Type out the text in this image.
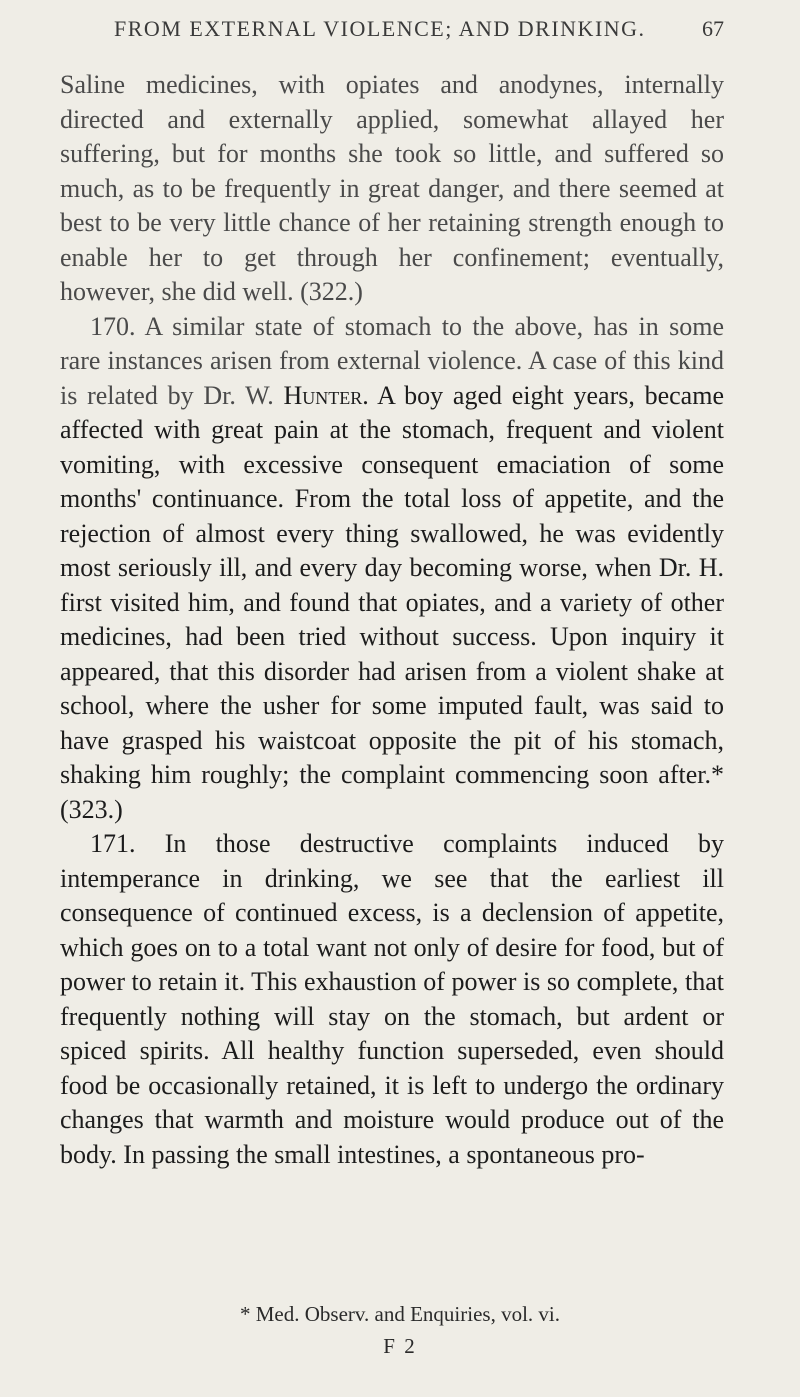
FROM EXTERNAL VIOLENCE; AND DRINKING.	67

Saline medicines, with opiates and anodynes, internally directed and externally applied, somewhat allayed her suffering, but for months she took so little, and suffered so much, as to be frequently in great danger, and there seemed at best to be very little chance of her retaining strength enough to enable her to get through her confinement; eventually, however, she did well. (322.)

170. A similar state of stomach to the above, has in some rare instances arisen from external violence. A case of this kind is related by Dr. W. Hunter. A boy aged eight years, became affected with great pain at the stomach, frequent and violent vomiting, with excessive consequent emaciation of some months' continuance. From the total loss of appetite, and the rejection of almost every thing swallowed, he was evidently most seriously ill, and every day becoming worse, when Dr. H. first visited him, and found that opiates, and a variety of other medicines, had been tried without success. Upon inquiry it appeared, that this disorder had arisen from a violent shake at school, where the usher for some imputed fault, was said to have grasped his waistcoat opposite the pit of his stomach, shaking him roughly; the complaint commencing soon after.* (323.)

171. In those destructive complaints induced by intemperance in drinking, we see that the earliest ill consequence of continued excess, is a declension of appetite, which goes on to a total want not only of desire for food, but of power to retain it. This exhaustion of power is so complete, that frequently nothing will stay on the stomach, but ardent or spiced spirits. All healthy function superseded, even should food be occasionally retained, it is left to undergo the ordinary changes that warmth and moisture would produce out of the body. In passing the small intestines, a spontaneous pro-

* Med. Observ. and Enquiries, vol. vi.
F 2
